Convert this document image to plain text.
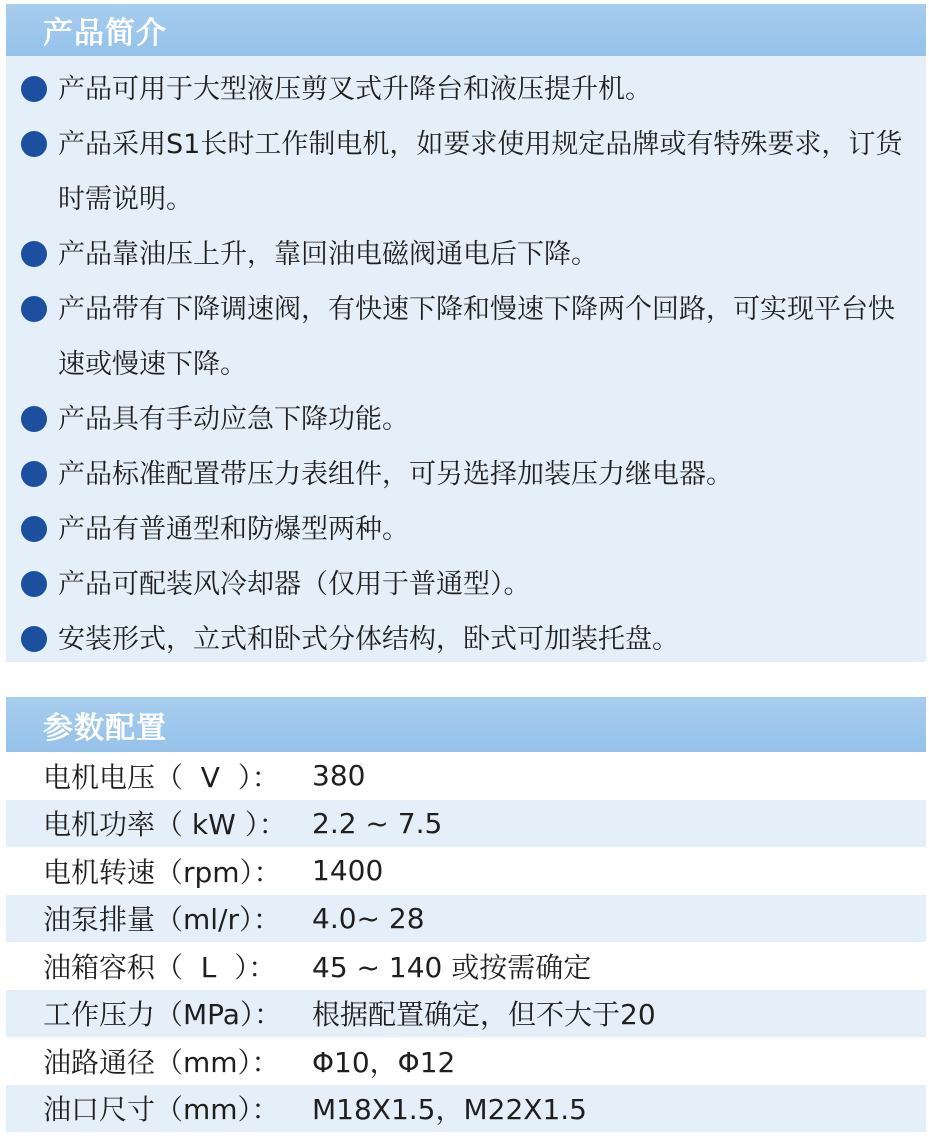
产品简介
产品可用于大型液压剪叉式升降台和液压提升机。
产品采用S1长时工作制电机，如要求使用规定品牌或有特殊要求，订货时需说明。
产品靠油压上升，靠回油电磁阀通电后下降。
产品带有下降调速阀，有快速下降和慢速下降两个回路，可实现平台快速或慢速下降。
产品具有手动应急下降功能。
产品标准配置带压力表组件，可另选择加装压力继电器。
产品有普通型和防爆型两种。
产品可配装风冷却器（仅用于普通型）。
安装形式，立式和卧式分体结构，卧式可加装托盘。
参数配置
电机电压（  V  ）：	380
电机功率（ kW ）： 2.2 ~ 7.5
电机转速（rpm）：	1400
油泵排量（ml/r）：	4.0~ 28
油箱容积（  L  ）：	45 ~ 140 或按需确定
工作压力（MPa）：	根据配置确定，但不大于20
油路通径（mm）：	Φ10，Φ12
油口尺寸（mm）：	M18X1.5，M22X1.5
